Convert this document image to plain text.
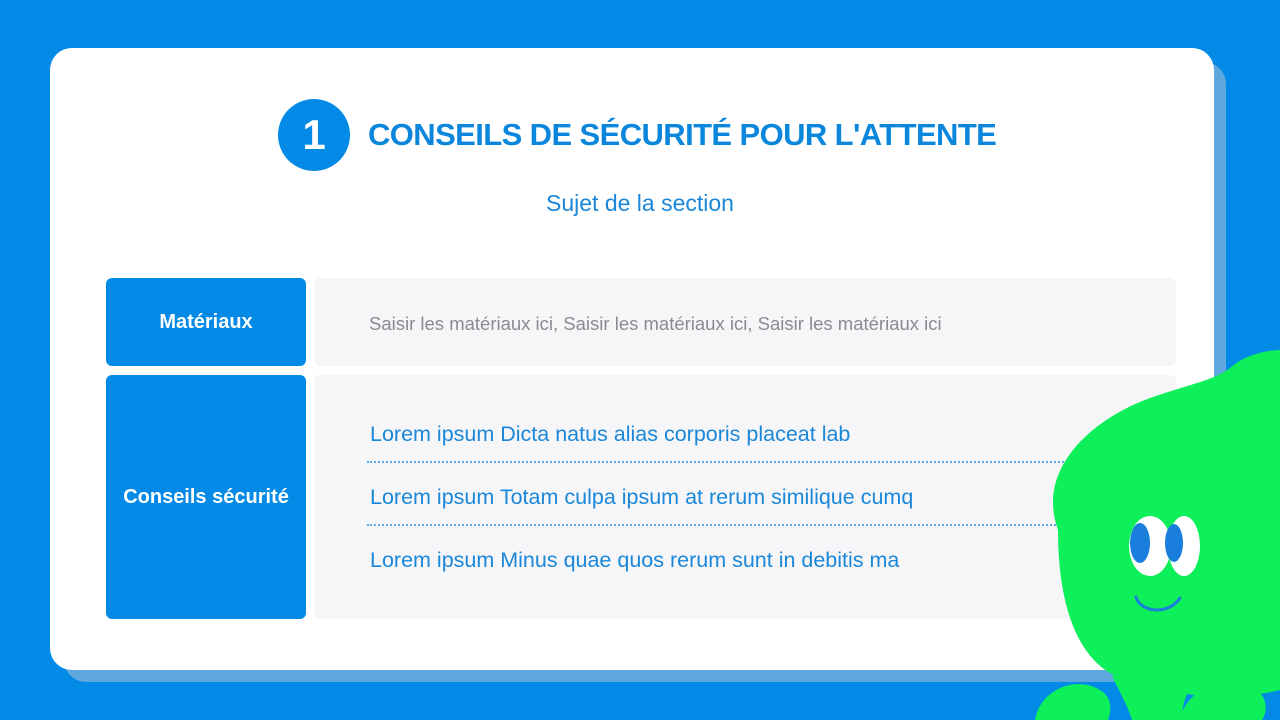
1	CONSEILS DE SÉCURITÉ POUR L'ATTENTE
Sujet de la section
Matériaux	Saisir les matériaux ici, Saisir les matériaux ici, Saisir les matériaux ici
Conseils sécurité
Lorem ipsum Dicta natus alias corporis placeat lab
Lorem ipsum Totam culpa ipsum at rerum similique cumq
Lorem ipsum Minus quae quos rerum sunt in debitis ma
